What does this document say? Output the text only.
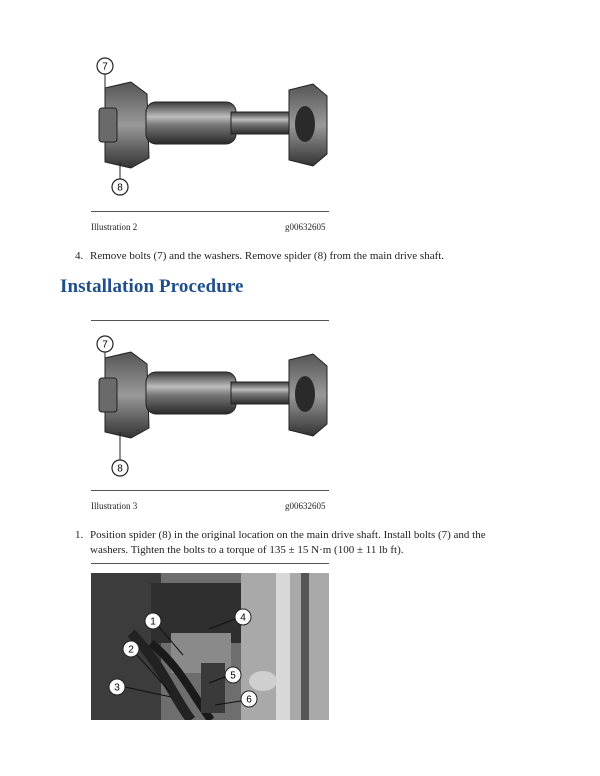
7
8
Illustration 2	g00632605
4. Remove bolts (7) and the washers. Remove spider (8) from the main drive shaft.
Installation Procedure
7
8
Illustration 3	g00632605
1. Position spider (8) in the original location on the main drive shaft. Install bolts (7) and the
washers. Tighten the bolts to a torque of 135 ± 15 N·m (100 ± 11 lb ft).
1
2
3
4
5
6
